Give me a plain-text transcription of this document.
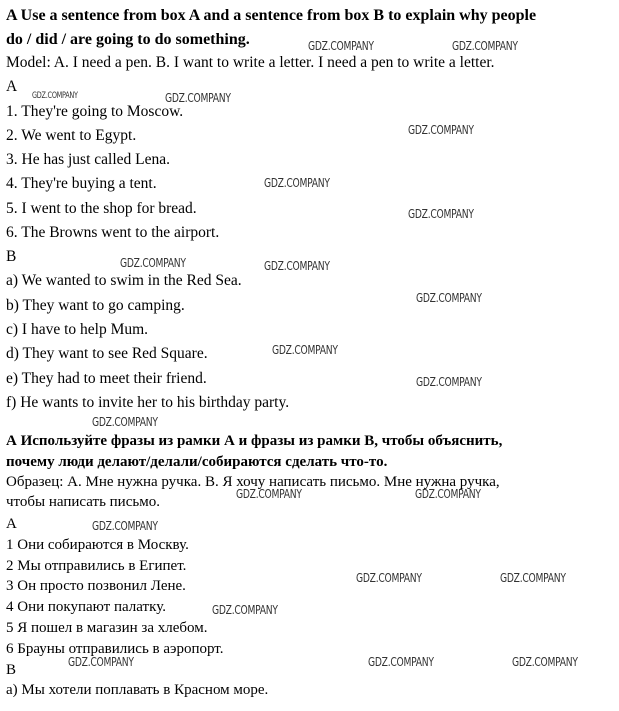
A Use a sentence from box A and a sentence from box B to explain why people
do / did / are going to do something.
Model: A. I need a pen. B. I want to write a letter. I need a pen to write a letter.
A
1. They're going to Moscow.
2. We went to Egypt.
3. He has just called Lena.
4. They're buying a tent.
5. I went to the shop for bread.
6. The Browns went to the airport.
B
a) We wanted to swim in the Red Sea.
b) They want to go camping.
c) I have to help Mum.
d) They want to see Red Square.
e) They had to meet their friend.
f) He wants to invite her to his birthday party.
А Используйте фразы из рамки А и фразы из рамки В, чтобы объяснить,
почему люди делают/делали/собираются сделать что-то.
Образец: А. Мне нужна ручка. В. Я хочу написать письмо. Мне нужна ручка,
чтобы написать письмо.
А
1 Они собираются в Москву.
2 Мы отправились в Египет.
3 Он просто позвонил Лене.
4 Они покупают палатку.
5 Я пошел в магазин за хлебом.
6 Брауны отправились в аэропорт.
В
а) Мы хотели поплавать в Красном море.
GDZ.COMPANY	GDZ.COMPANY
GDZ.COMPANY	GDZ.COMPANY
GDZ.COMPANY
GDZ.COMPANY
GDZ.COMPANY
GDZ.COMPANY	GDZ.COMPANY
GDZ.COMPANY
GDZ.COMPANY
GDZ.COMPANY
GDZ.COMPANY
GDZ.COMPANY	GDZ.COMPANY
GDZ.COMPANY
GDZ.COMPANY	GDZ.COMPANY
GDZ.COMPANY
GDZ.COMPANY	GDZ.COMPANY	GDZ.COMPANY
